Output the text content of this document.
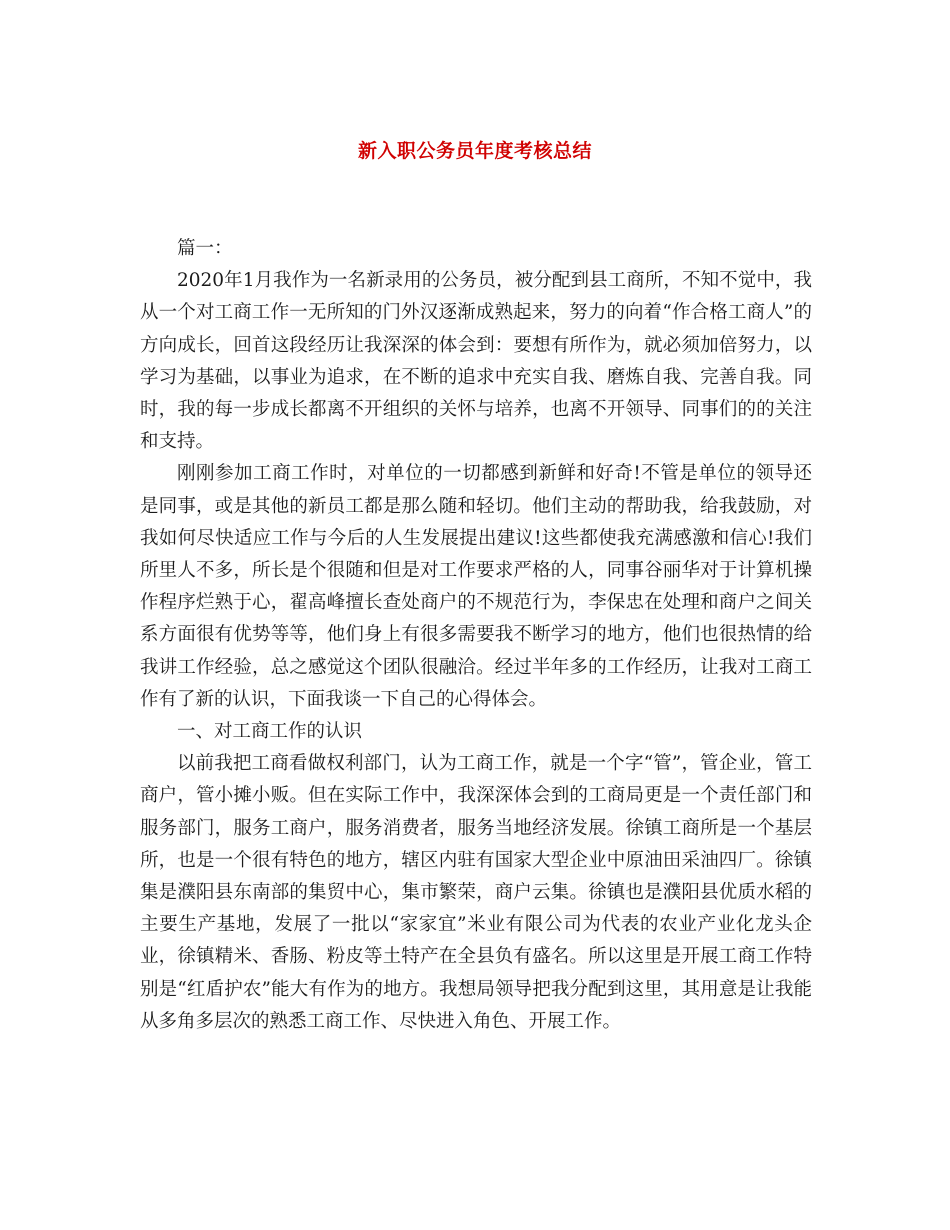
新入职公务员年度考核总结

篇一：

2020年1月我作为一名新录用的公务员，被分配到县工商所，不知不觉中，我从一个对工商工作一无所知的门外汉逐渐成熟起来，努力的向着“作合格工商人”的方向成长，回首这段经历让我深深的体会到：要想有所作为，就必须加倍努力，以学习为基础，以事业为追求，在不断的追求中充实自我、磨炼自我、完善自我。同时，我的每一步成长都离不开组织的关怀与培养，也离不开领导、同事们的的关注和支持。

刚刚参加工商工作时，对单位的一切都感到新鲜和好奇!不管是单位的领导还是同事，或是其他的新员工都是那么随和轻切。他们主动的帮助我，给我鼓励，对我如何尽快适应工作与今后的人生发展提出建议!这些都使我充满感激和信心!我们所里人不多，所长是个很随和但是对工作要求严格的人，同事谷丽华对于计算机操作程序烂熟于心，翟高峰擅长查处商户的不规范行为，李保忠在处理和商户之间关系方面很有优势等等，他们身上有很多需要我不断学习的地方，他们也很热情的给我讲工作经验，总之感觉这个团队很融洽。经过半年多的工作经历，让我对工商工作有了新的认识，下面我谈一下自己的心得体会。

一、对工商工作的认识

以前我把工商看做权利部门，认为工商工作，就是一个字“管”，管企业，管工商户，管小摊小贩。但在实际工作中，我深深体会到的工商局更是一个责任部门和服务部门，服务工商户，服务消费者，服务当地经济发展。徐镇工商所是一个基层所，也是一个很有特色的地方，辖区内驻有国家大型企业中原油田采油四厂。徐镇集是濮阳县东南部的集贸中心，集市繁荣，商户云集。徐镇也是濮阳县优质水稻的主要生产基地，发展了一批以“家家宜”米业有限公司为代表的农业产业化龙头企业，徐镇精米、香肠、粉皮等土特产在全县负有盛名。所以这里是开展工商工作特别是“红盾护农”能大有作为的地方。我想局领导把我分配到这里，其用意是让我能从多角多层次的熟悉工商工作、尽快进入角色、开展工作。
